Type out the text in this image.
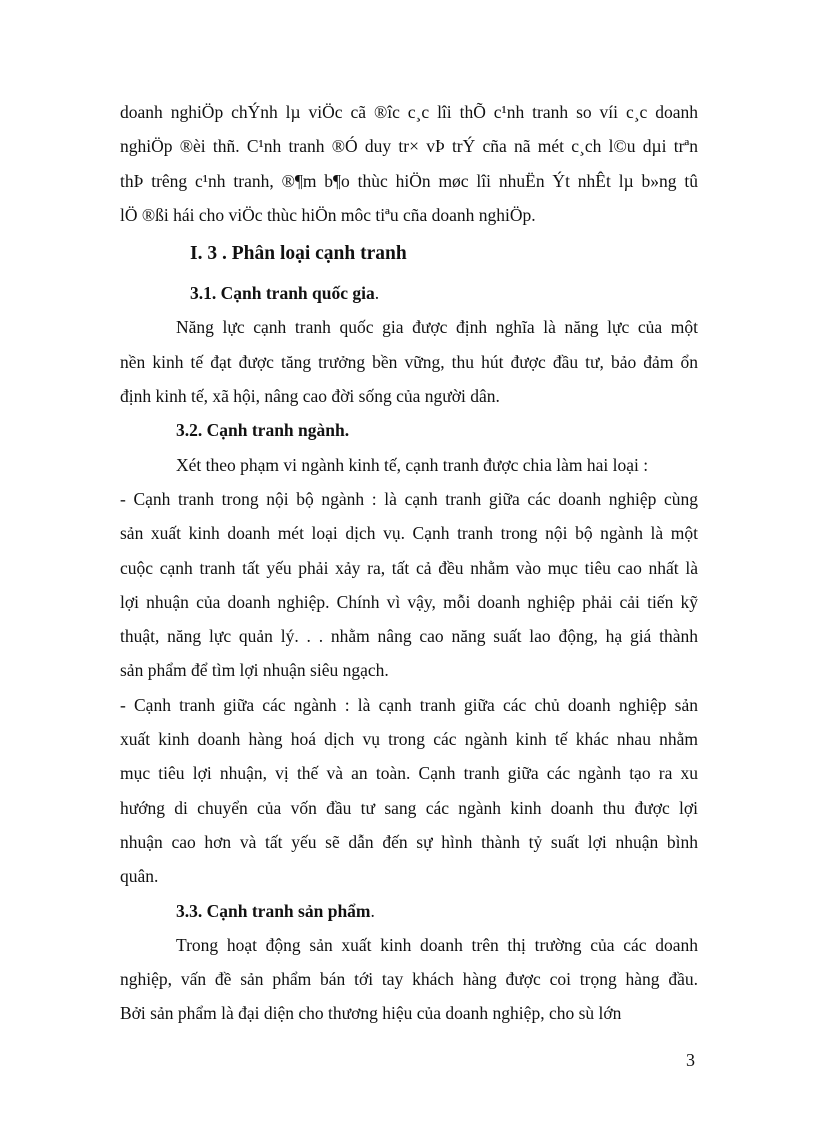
doanh nghiÖp chÝnh lµ viÖc cã ®îc c¸c lîi thÕ c¹nh tranh so víi c¸c doanh

nghiÖp ®èi thñ. C¹nh tranh ®Ó duy tr× vÞ trÝ cña nã mét c¸ch l©u dµi trªn

thÞ trêng c¹nh tranh, ®¶m b¶o thùc hiÖn møc lîi nhuËn Ýt nhÊt lµ b»ng tû

lÖ ®ßi hái cho viÖc thùc hiÖn môc tiªu cña doanh nghiÖp.

I. 3 . Phân loại cạnh tranh

3.1. Cạnh tranh quốc gia.

Năng lực cạnh tranh quốc gia được định nghĩa là năng lực của một

nền kinh tế đạt được tăng trưởng bền vững, thu hút được đầu tư, bảo đảm ổn

định kinh tế, xã hội, nâng cao đời sống của người dân.

3.2. Cạnh tranh ngành.

Xét theo phạm vi ngành kinh tế, cạnh tranh được chia làm hai loại :

- Cạnh tranh trong nội bộ ngành : là cạnh tranh giữa các doanh nghiệp cùng

sản xuất kinh doanh mét loại dịch vụ. Cạnh tranh trong nội bộ ngành là một

cuộc cạnh tranh tất yếu phải xảy ra, tất cả đều nhằm vào mục tiêu cao nhất là

lợi nhuận của doanh nghiệp. Chính vì vậy, mỗi doanh nghiệp phải cải tiến kỹ

thuật, năng lực quản lý. . . nhằm nâng cao năng suất lao động, hạ giá thành

sản phẩm để tìm lợi nhuận siêu ngạch.

- Cạnh tranh giữa các ngành : là cạnh tranh giữa các chủ doanh nghiệp sản

xuất kinh doanh hàng hoá dịch vụ trong các ngành kinh tế khác nhau nhằm

mục tiêu lợi nhuận, vị thế và an toàn. Cạnh tranh giữa các ngành tạo ra xu

hướng di chuyển của vốn đầu tư sang các ngành kinh doanh thu được lợi

nhuận cao hơn và tất yếu sẽ dẫn đến sự hình thành tỷ suất lợi nhuận bình

quân.

3.3. Cạnh tranh sản phẩm.

Trong hoạt động sản xuất kinh doanh trên thị trường của các doanh

nghiệp, vấn đề sản phẩm bán tới tay khách hàng được coi trọng hàng đầu.

Bởi sản phẩm là đại diện cho thương hiệu của doanh nghiệp, cho sù lớn

3
